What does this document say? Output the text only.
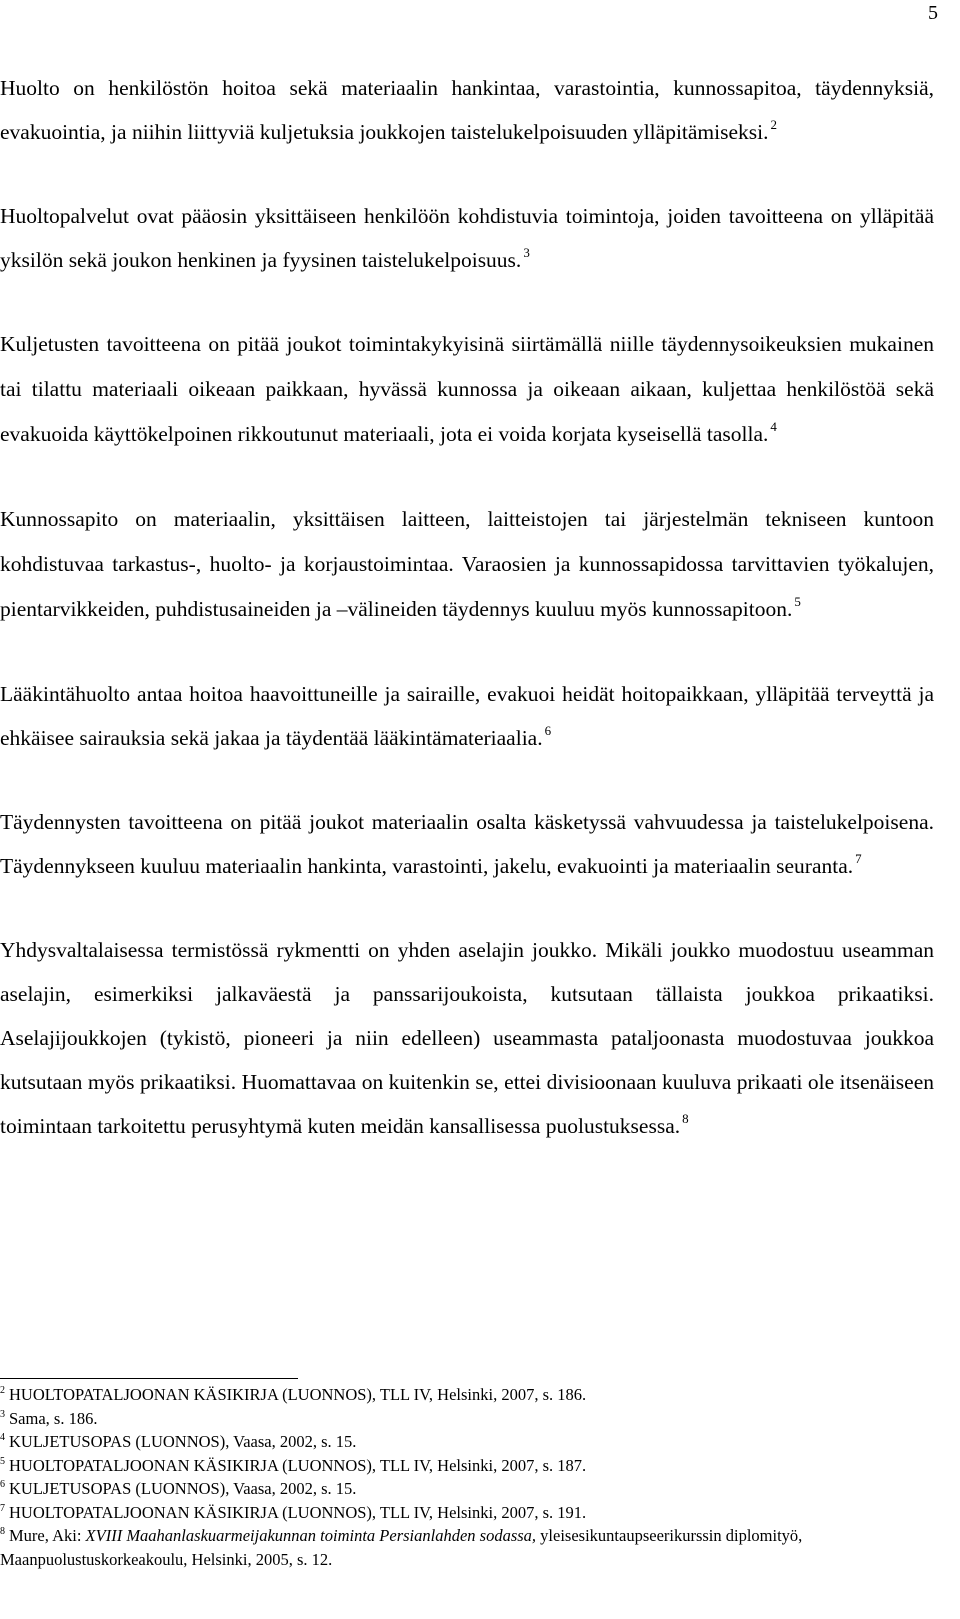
5

Huolto on henkilöstön hoitoa sekä materiaalin hankintaa, varastointia, kunnossapitoa, täydennyksiä, evakuointia, ja niihin liittyviä kuljetuksia joukkojen taistelukelpoisuuden ylläpitämiseksi. $^2$

Huoltopalvelut ovat pääosin yksittäiseen henkilöön kohdistuvia toimintoja, joiden tavoitteena on ylläpitää yksilön sekä joukon henkinen ja fyysinen taistelukelpoisuus. $^3$

Kuljetusten tavoitteena on pitää joukot toimintakykyisinä siirtämällä niille täydennysoikeuksien mukainen tai tilattu materiaali oikeaan paikkaan, hyvässä kunnossa ja oikeaan aikaan, kuljettaa henkilöstöä sekä evakuoida käyttökelpoinen rikkoutunut materiaali, jota ei voida korjata kyseisellä tasolla. $^4$

Kunnossapito on materiaalin, yksittäisen laitteen, laitteistojen tai järjestelmän tekniseen kuntoon kohdistuvaa tarkastus-, huolto- ja korjaustoimintaa. Varaosien ja kunnossapidossa tarvittavien työkalujen, pientarvikkeiden, puhdistusaineiden ja –välineiden täydennys kuuluu myös kunnossapitoon. $^5$

Lääkintähuolto antaa hoitoa haavoittuneille ja sairaille, evakuoi heidät hoitopaikkaan, ylläpitää terveyttä ja ehkäisee sairauksia sekä jakaa ja täydentää lääkintämateriaalia. $^6$

Täydennysten tavoitteena on pitää joukot materiaalin osalta käsketyssä vahvuudessa ja taistelukelpoisena. Täydennykseen kuuluu materiaalin hankinta, varastointi, jakelu, evakuointi ja materiaalin seuranta. $^7$

Yhdysvaltalaisessa termistössä rykmentti on yhden aselajin joukko. Mikäli joukko muodostuu useamman aselajin, esimerkiksi jalkaväestä ja panssarijoukoista, kutsutaan tällaista joukkoa prikaatiksi. Aselajijoukkojen (tykistö, pioneeri ja niin edelleen) useammasta pataljoonasta muodostuvaa joukkoa kutsutaan myös prikaatiksi. Huomattavaa on kuitenkin se, ettei divisioonaan kuuluva prikaati ole itsenäiseen toimintaan tarkoitettu perusyhtymä kuten meidän kansallisessa puolustuksessa. $^8$

$^2$ HUOLTOPATALJOONAN KÄSIKIRJA (LUONNOS), TLL IV, Helsinki, 2007, s. 186.

$^3$ Sama, s. 186.

$^4$ KULJETUSOPAS (LUONNOS), Vaasa, 2002, s. 15.

$^5$ HUOLTOPATALJOONAN KÄSIKIRJA (LUONNOS), TLL IV, Helsinki, 2007, s. 187.

$^6$ KULJETUSOPAS (LUONNOS), Vaasa, 2002, s. 15.

$^7$ HUOLTOPATALJOONAN KÄSIKIRJA (LUONNOS), TLL IV, Helsinki, 2007, s. 191.

$^8$ Mure, Aki: XVIII Maahanlaskuarmeijakunnan toiminta Persianlahden sodassa, yleisesikuntaupseerikurssin diplomityö, Maanpuolustuskorkeakoulu, Helsinki, 2005, s. 12.
